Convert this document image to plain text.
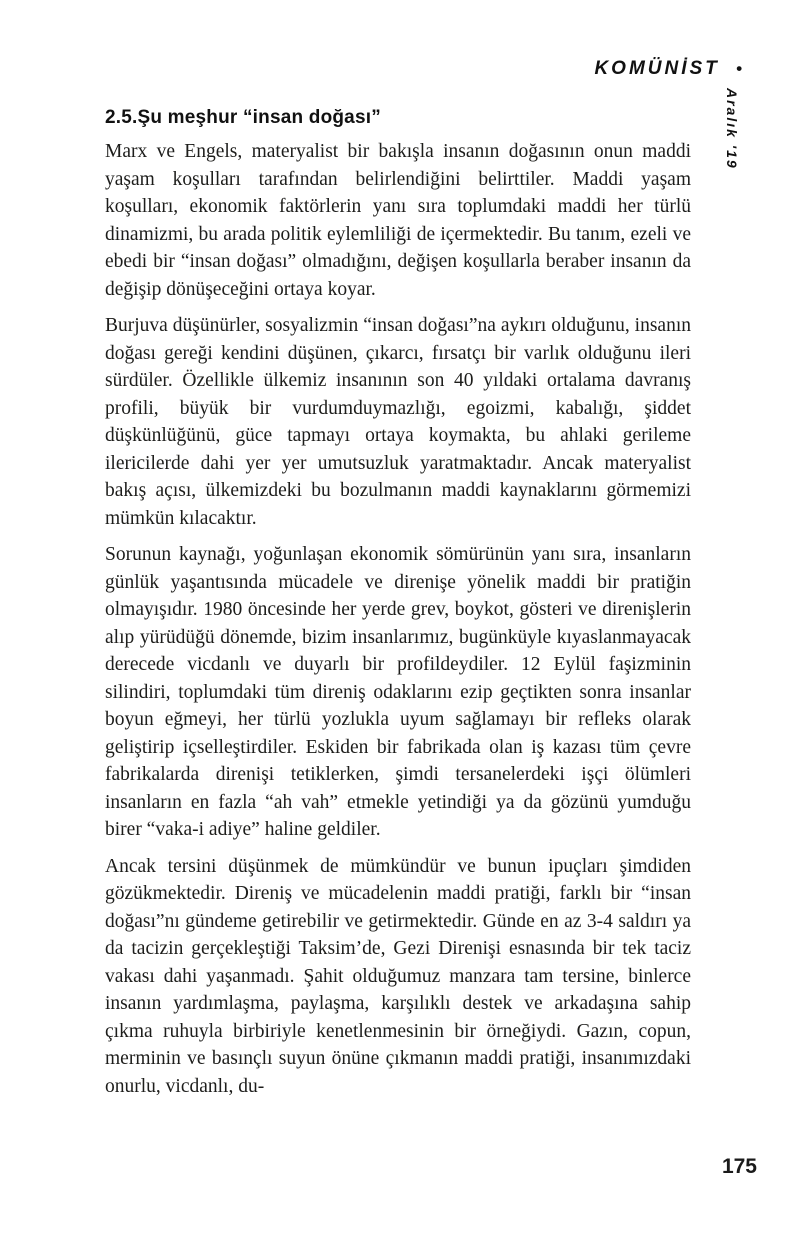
KOMÜNİST •
Aralık '19
2.5.Şu meşhur “insan doğası”

Marx ve Engels, materyalist bir bakışla insanın doğasının onun maddi yaşam koşulları tarafından belirlendiğini belirttiler. Maddi yaşam koşulları, ekonomik faktörlerin yanı sıra toplumdaki maddi her türlü dinamizmi, bu arada politik eylemliliği de içermektedir. Bu tanım, ezeli ve ebedi bir “insan doğası” olmadığını, değişen koşullarla beraber insanın da değişip dönüşeceğini ortaya koyar.

Burjuva düşünürler, sosyalizmin “insan doğası”na aykırı olduğunu, insanın doğası gereği kendini düşünen, çıkarcı, fırsatçı bir varlık olduğunu ileri sürdüler. Özellikle ülkemiz insanının son 40 yıldaki ortalama davranış profili, büyük bir vurdumduymazlığı, egoizmi, kabalığı, şiddet düşkünlüğünü, güce tapmayı ortaya koymakta, bu ahlaki gerileme ilericilerde dahi yer yer umutsuzluk yaratmaktadır. Ancak materyalist bakış açısı, ülkemizdeki bu bozulmanın maddi kaynaklarını görmemizi mümkün kılacaktır.

Sorunun kaynağı, yoğunlaşan ekonomik sömürünün yanı sıra, insanların günlük yaşantısında mücadele ve direnişe yönelik maddi bir pratiğin olmayışıdır. 1980 öncesinde her yerde grev, boykot, gösteri ve direnişlerin alıp yürüdüğü dönemde, bizim insanlarımız, bugünküyle kıyaslanmayacak derecede vicdanlı ve duyarlı bir profildeydiler. 12 Eylül faşizminin silindiri, toplumdaki tüm direniş odaklarını ezip geçtikten sonra insanlar boyun eğmeyi, her türlü yozlukla uyum sağlamayı bir refleks olarak geliştirip içselleştirdiler. Eskiden bir fabrikada olan iş kazası tüm çevre fabrikalarda direnişi tetiklerken, şimdi tersanelerdeki işçi ölümleri insanların en fazla “ah vah” etmekle yetindiği ya da gözünü yumduğu birer “vaka-i adiye” haline geldiler.

Ancak tersini düşünmek de mümkündür ve bunun ipuçları şimdiden gözükmektedir. Direniş ve mücadelenin maddi pratiği, farklı bir “insan doğası”nı gündeme getirebilir ve getirmektedir. Günde en az 3-4 saldırı ya da tacizin gerçekleştiği Taksim’de, Gezi Direnişi esnasında bir tek taciz vakası dahi yaşanmadı. Şahit olduğumuz manzara tam tersine, binlerce insanın yardımlaşma, paylaşma, karşılıklı destek ve arkadaşına sahip çıkma ruhuyla birbiriyle kenetlenmesinin bir örneğiydi. Gazın, copun, merminin ve basınçlı suyun önüne çıkmanın maddi pratiği, insanımızdaki onurlu, vicdanlı, du-

175
